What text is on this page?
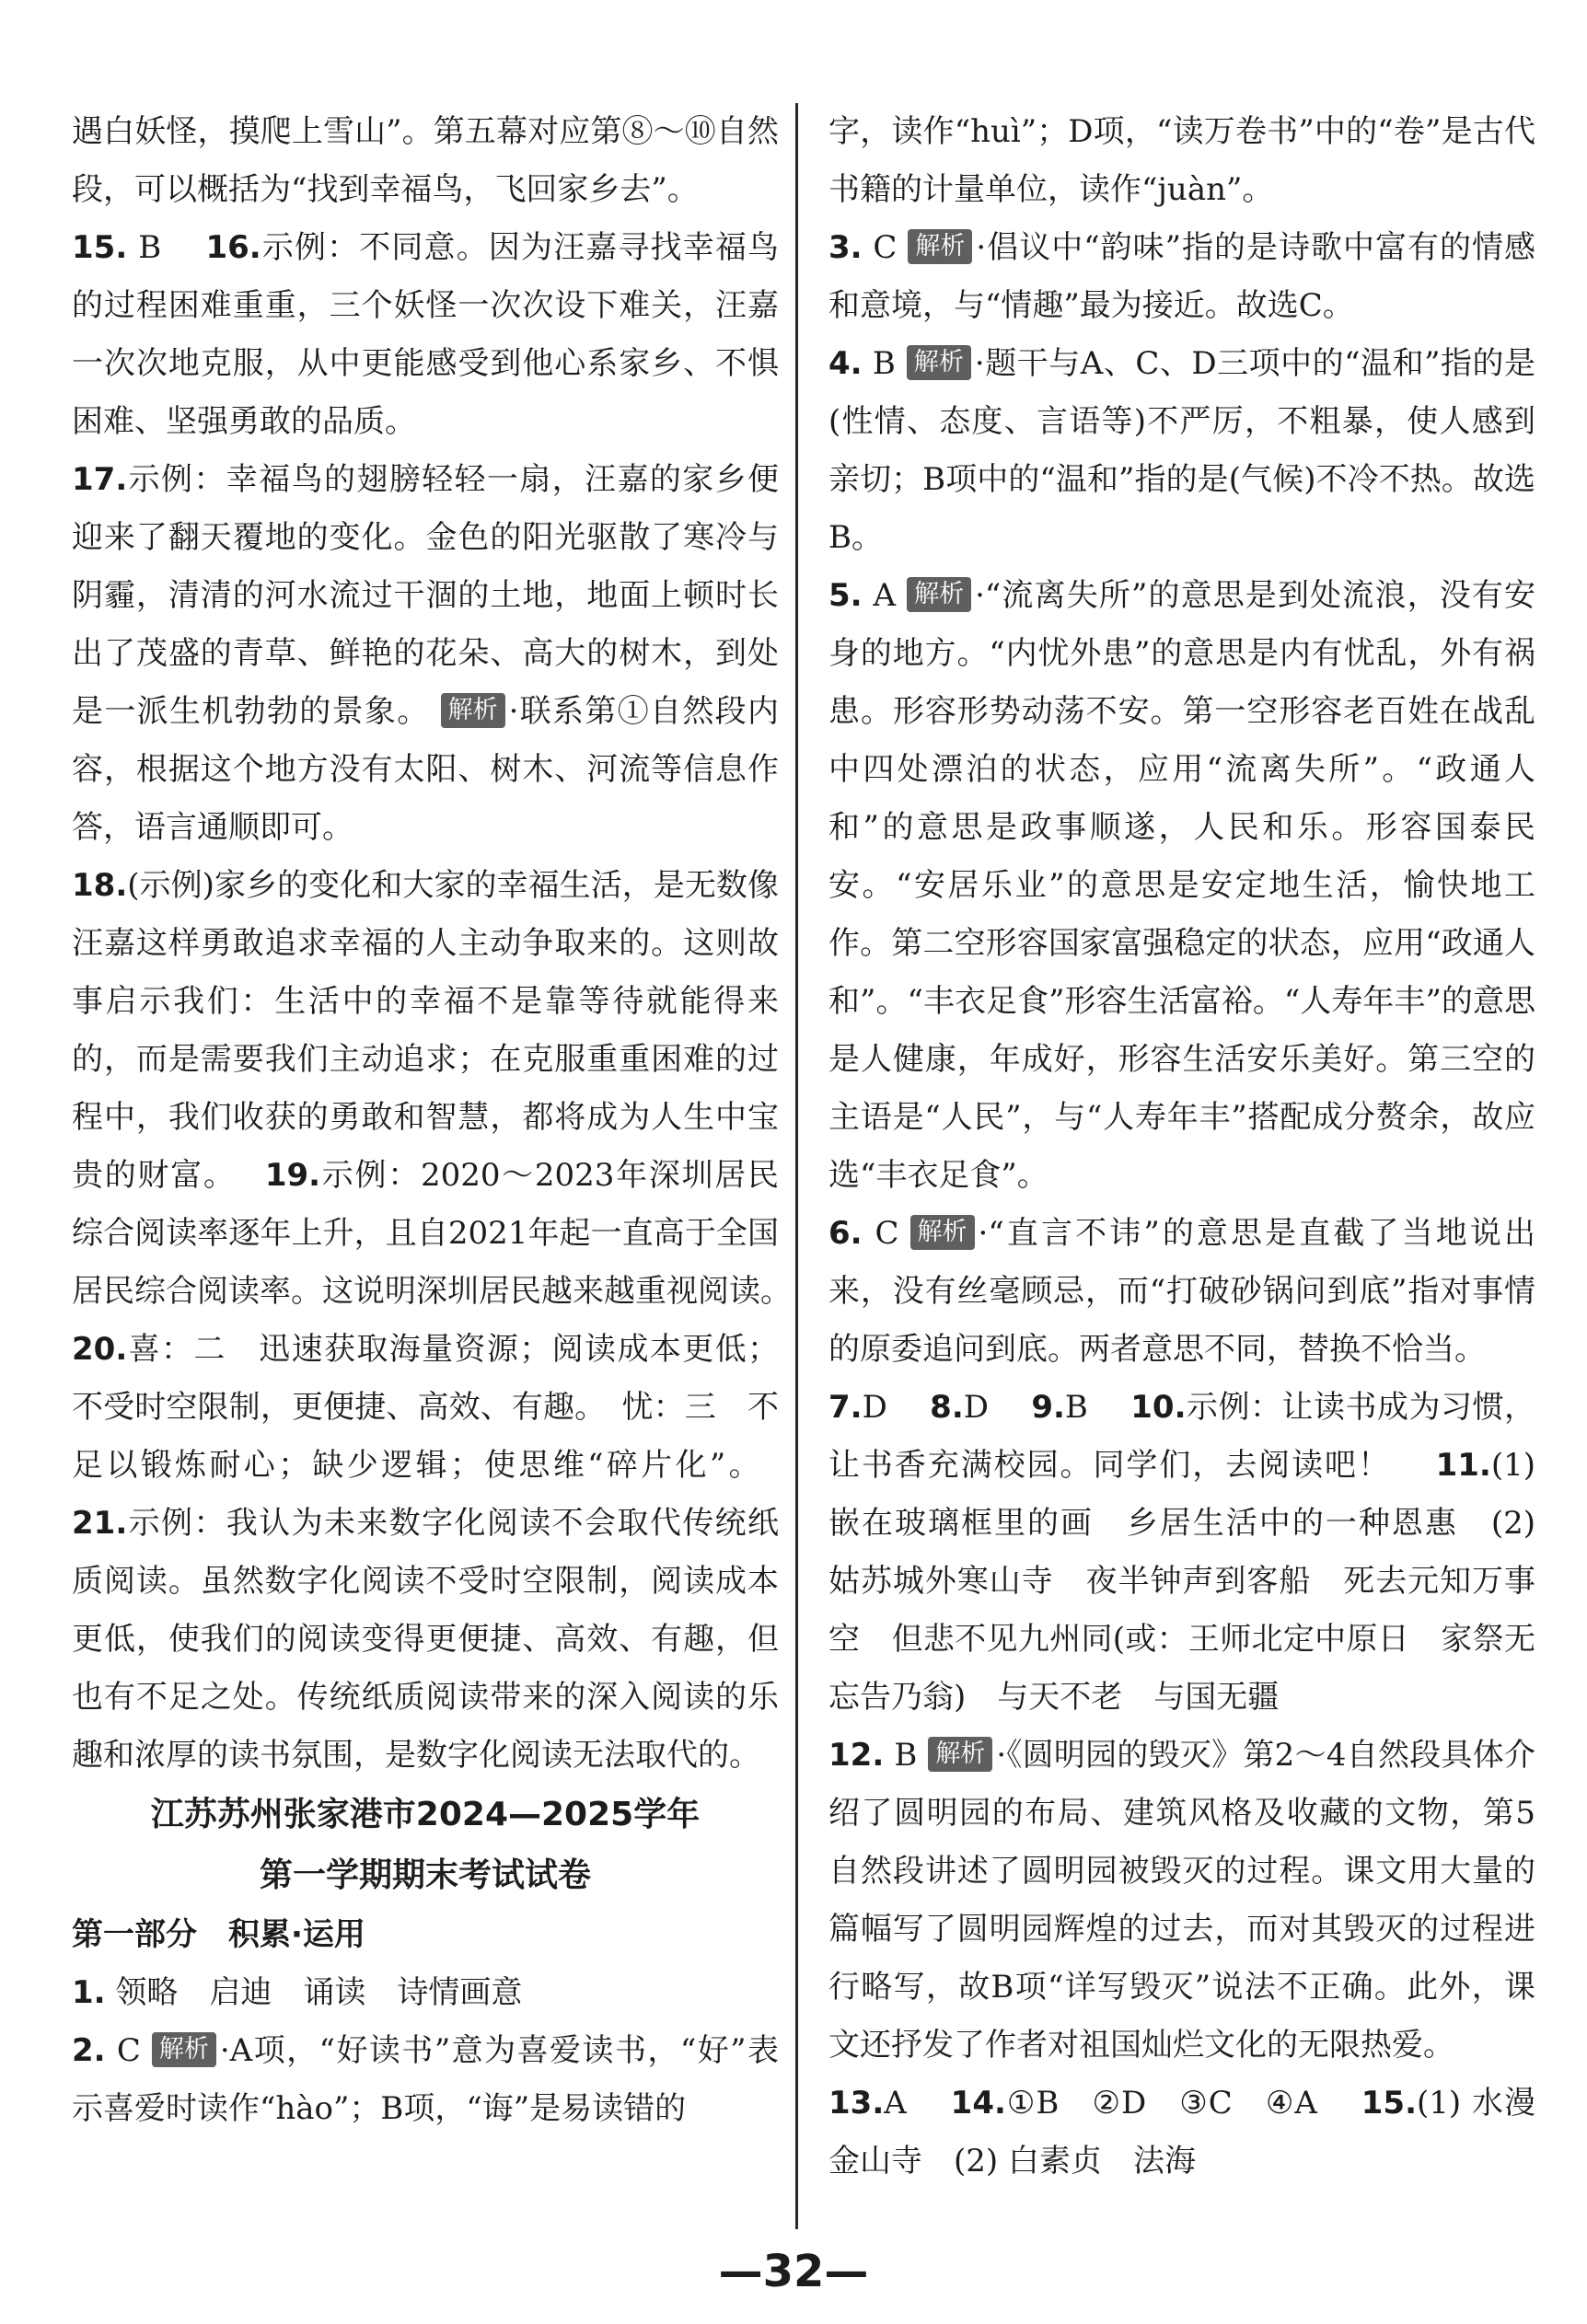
遇白妖怪，摸爬上雪山”。第五幕对应第⑧～⑩自然段，可以概括为“找到幸福鸟，飞回家乡去”。

15. B　 16.示例：不同意。因为汪嘉寻找幸福鸟的过程困难重重，三个妖怪一次次设下难关，汪嘉一次次地克服，从中更能感受到他心系家乡、不惧困难、坚强勇敢的品质。

17.示例：幸福鸟的翅膀轻轻一扇，汪嘉的家乡便迎来了翻天覆地的变化。金色的阳光驱散了寒冷与阴霾，清清的河水流过干涸的土地，地面上顿时长出了茂盛的青草、鲜艳的花朵、高大的树木，到处是一派生机勃勃的景象。 解析 ·联系第①自然段内容，根据这个地方没有太阳、树木、河流等信息作答，语言通顺即可。

18.(示例)家乡的变化和大家的幸福生活，是无数像汪嘉这样勇敢追求幸福的人主动争取来的。这则故事启示我们：生活中的幸福不是靠等待就能得来的，而是需要我们主动追求；在克服重重困难的过程中，我们收获的勇敢和智慧，都将成为人生中宝贵的财富。　 19.示例：2020～2023年深圳居民综合阅读率逐年上升，且自2021年起一直高于全国居民综合阅读率。这说明深圳居民越来越重视阅读。　 20.喜：二　迅速获取海量资源；阅读成本更低；不受时空限制，更便捷、高效、有趣。　忧：三　不足以锻炼耐心；缺少逻辑；使思维“碎片化”。　 21.示例：我认为未来数字化阅读不会取代传统纸质阅读。虽然数字化阅读不受时空限制，阅读成本更低，使我们的阅读变得更便捷、高效、有趣，但也有不足之处。传统纸质阅读带来的深入阅读的乐趣和浓厚的读书氛围，是数字化阅读无法取代的。

江苏苏州张家港市2024—2025学年
第一学期期末考试试卷

第一部分　积累·运用

1. 领略　启迪　诵读　诗情画意

2. C 解析 ·A项，“好读书”意为喜爱读书，“好”表示喜爱时读作“hào”；B项，“诲”是易读错的

字，读作“huì”；D项，“读万卷书”中的“卷”是古代书籍的计量单位，读作“juàn”。

3. C 解析 ·倡议中“韵味”指的是诗歌中富有的情感和意境，与“情趣”最为接近。故选C。

4. B 解析 ·题干与A、C、D三项中的“温和”指的是(性情、态度、言语等)不严厉，不粗暴，使人感到亲切；B项中的“温和”指的是(气候)不冷不热。故选B。

5. A 解析 ·“流离失所”的意思是到处流浪，没有安身的地方。“内忧外患”的意思是内有忧乱，外有祸患。形容形势动荡不安。第一空形容老百姓在战乱中四处漂泊的状态，应用“流离失所”。“政通人和”的意思是政事顺遂，人民和乐。形容国泰民安。“安居乐业”的意思是安定地生活，愉快地工作。第二空形容国家富强稳定的状态，应用“政通人和”。“丰衣足食”形容生活富裕。“人寿年丰”的意思是人健康，年成好，形容生活安乐美好。第三空的主语是“人民”，与“人寿年丰”搭配成分赘余，故应选“丰衣足食”。

6. C 解析 ·“直言不讳”的意思是直截了当地说出来，没有丝毫顾忌，而“打破砂锅问到底”指对事情的原委追问到底。两者意思不同，替换不恰当。

7.D　 8.D　 9.B　 10.示例：让读书成为习惯，让书香充满校园。同学们，去阅读吧！　 11.(1) 嵌在玻璃框里的画　乡居生活中的一种恩惠　(2) 姑苏城外寒山寺　夜半钟声到客船　死去元知万事空　但悲不见九州同(或：王师北定中原日　家祭无忘告乃翁)　与天不老　与国无疆

12. B 解析 ·《圆明园的毁灭》第2～4自然段具体介绍了圆明园的布局、建筑风格及收藏的文物，第5自然段讲述了圆明园被毁灭的过程。课文用大量的篇幅写了圆明园辉煌的过去，而对其毁灭的过程进行略写，故B项“详写毁灭”说法不正确。此外，课文还抒发了作者对祖国灿烂文化的无限热爱。

13.A　 14.①B　②D　③C　④A　 15.(1) 水漫金山寺　(2) 白素贞　法海

—32—
